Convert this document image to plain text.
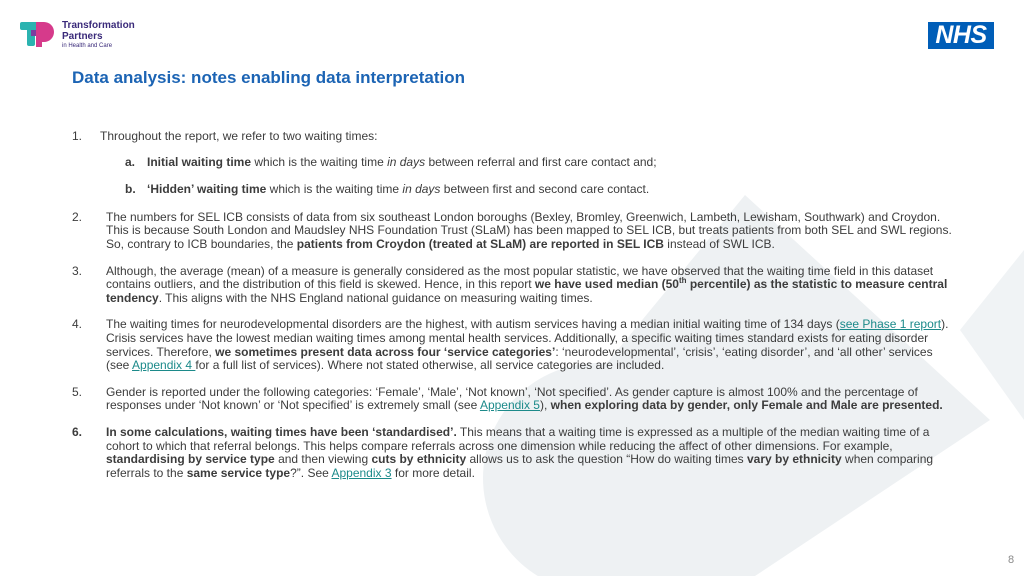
Transformation
Partners
in Health and Care	NHS
Data analysis: notes enabling data interpretation
1. Throughout the report, we refer to two waiting times:
a. Initial waiting time which is the waiting time in days between referral and first care contact and;
b. ‘Hidden’ waiting time which is the waiting time in days between first and second care contact.
2. The numbers for SEL ICB consists of data from six southeast London boroughs (Bexley, Bromley, Greenwich, Lambeth, Lewisham, Southwark) and Croydon. This is because South London and Maudsley NHS Foundation Trust (SLaM) has been mapped to SEL ICB, but treats patients from both SEL and SWL regions. So, contrary to ICB boundaries, the patients from Croydon (treated at SLaM) are reported in SEL ICB instead of SWL ICB.
3. Although, the average (mean) of a measure is generally considered as the most popular statistic, we have observed that the waiting time field in this dataset contains outliers, and the distribution of this field is skewed. Hence, in this report we have used median (50th percentile) as the statistic to measure central tendency. This aligns with the NHS England national guidance on measuring waiting times.
4. The waiting times for neurodevelopmental disorders are the highest, with autism services having a median initial waiting time of 134 days (see Phase 1 report). Crisis services have the lowest median waiting times among mental health services. Additionally, a specific waiting times standard exists for eating disorder services. Therefore, we sometimes present data across four ‘service categories’: ‘neurodevelopmental’, ‘crisis’, ‘eating disorder’, and ‘all other’ services (see Appendix 4 for a full list of services). Where not stated otherwise, all service categories are included.
5. Gender is reported under the following categories: ‘Female’, ‘Male’, ‘Not known’, ‘Not specified’. As gender capture is almost 100% and the percentage of responses under ‘Not known’ or ‘Not specified’ is extremely small (see Appendix 5), when exploring data by gender, only Female and Male are presented.
6. In some calculations, waiting times have been ‘standardised’. This means that a waiting time is expressed as a multiple of the median waiting time of a cohort to which that referral belongs. This helps compare referrals across one dimension while reducing the affect of other dimensions. For example, standardising by service type and then viewing cuts by ethnicity allows us to ask the question “How do waiting times vary by ethnicity when comparing referrals to the same service type?”. See Appendix 3 for more detail.
8
